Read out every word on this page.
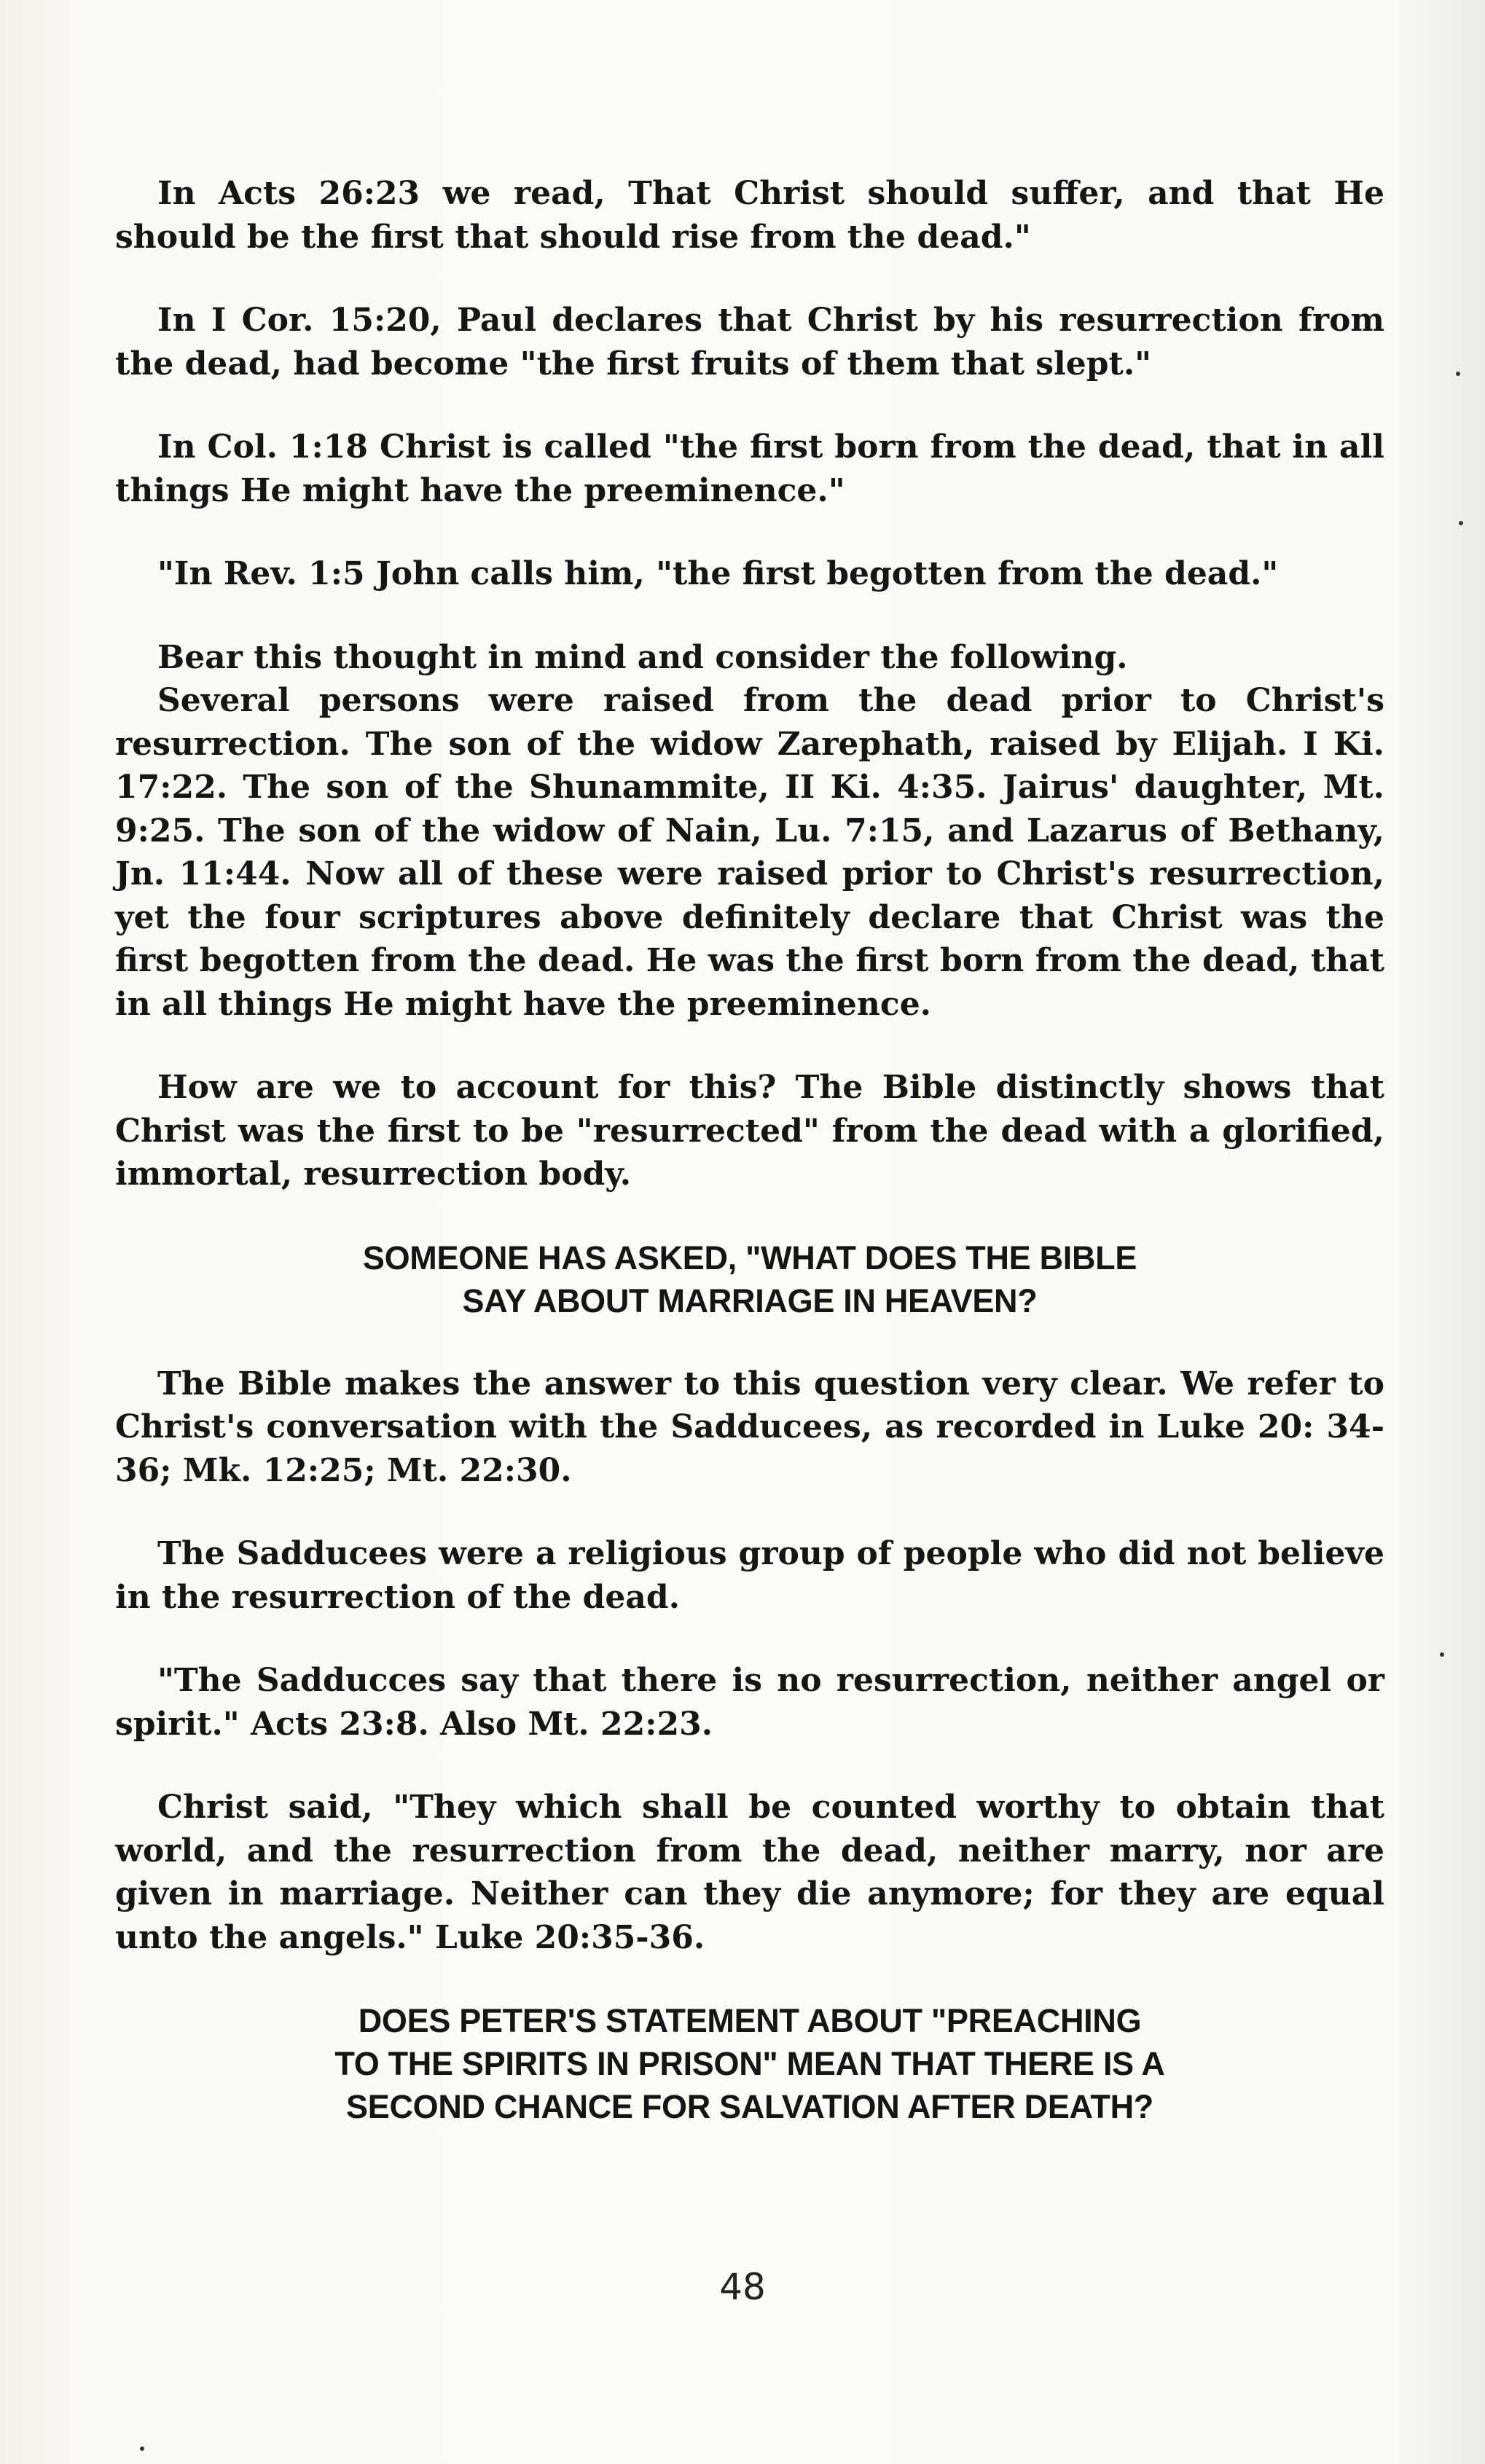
In Acts 26:23 we read, That Christ should suffer, and that He should be the first that should rise from the dead."

In I Cor. 15:20, Paul declares that Christ by his resurrection from the dead, had become "the first fruits of them that slept."

In Col. 1:18 Christ is called "the first born from the dead, that in all things He might have the preeminence."

"In Rev. 1:5 John calls him, "the first begotten from the dead."

Bear this thought in mind and consider the following.

Several persons were raised from the dead prior to Christ's resurrection. The son of the widow Zarephath, raised by Elijah. I Ki. 17:22. The son of the Shunammite, II Ki. 4:35. Jairus' daughter, Mt. 9:25. The son of the widow of Nain, Lu. 7:15, and Lazarus of Bethany, Jn. 11:44. Now all of these were raised prior to Christ's resurrection, yet the four scriptures above definitely declare that Christ was the first begotten from the dead. He was the first born from the dead, that in all things He might have the preeminence.

How are we to account for this? The Bible distinctly shows that Christ was the first to be "resurrected" from the dead with a glorified, immortal, resurrection body.

SOMEONE HAS ASKED, "WHAT DOES THE BIBLE
SAY ABOUT MARRIAGE IN HEAVEN?

The Bible makes the answer to this question very clear. We refer to Christ's conversation with the Sadducees, as recorded in Luke 20: 34-36; Mk. 12:25; Mt. 22:30.

The Sadducees were a religious group of people who did not believe in the resurrection of the dead.

"The Sadducces say that there is no resurrection, neither angel or spirit." Acts 23:8. Also Mt. 22:23.

Christ said, "They which shall be counted worthy to obtain that world, and the resurrection from the dead, neither marry, nor are given in marriage. Neither can they die anymore; for they are equal unto the angels." Luke 20:35-36.

DOES PETER'S STATEMENT ABOUT "PREACHING
TO THE SPIRITS IN PRISON" MEAN THAT THERE IS A
SECOND CHANCE FOR SALVATION AFTER DEATH?
48
